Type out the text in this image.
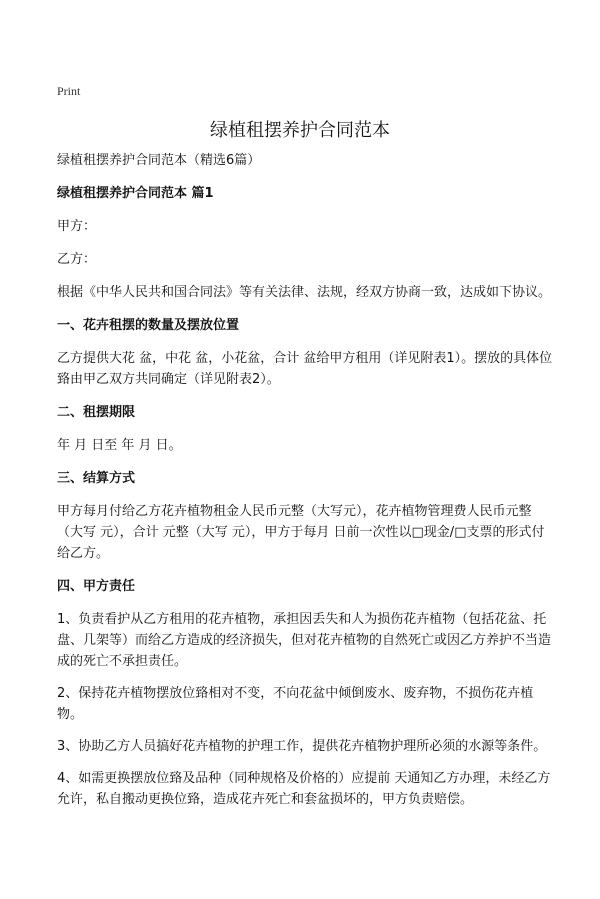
Print
绿植租摆养护合同范本
绿植租摆养护合同范本（精选6篇）
绿植租摆养护合同范本 篇1
甲方：
乙方：
根据《中华人民共和国合同法》等有关法律、法规，经双方协商一致，达成如下协议。
一、花卉租摆的数量及摆放位置
乙方提供大花 盆，中花 盆，小花盆，合计 盆给甲方租用（详见附表1）。摆放的具体位臵由甲乙双方共同确定（详见附表2）。
二、租摆期限
年 月 日至 年 月 日。
三、结算方式
甲方每月付给乙方花卉植物租金人民币元整（大写元），花卉植物管理费人民币元整（大写 元），合计 元整（大写 元），甲方于每月 日前一次性以□现金/□支票的形式付给乙方。
四、甲方责任
1、负责看护从乙方租用的花卉植物，承担因丢失和人为损伤花卉植物（包括花盆、托盘、几架等）而给乙方造成的经济损失，但对花卉植物的自然死亡或因乙方养护不当造成的死亡不承担责任。
2、保持花卉植物摆放位臵相对不变，不向花盆中倾倒废水、废弃物，不损伤花卉植物。
3、协助乙方人员搞好花卉植物的护理工作，提供花卉植物护理所必须的水源等条件。
4、如需更换摆放位臵及品种（同种规格及价格的）应提前 天通知乙方办理，未经乙方允许，私自搬动更换位臵，造成花卉死亡和套盆损坏的，甲方负责赔偿。
